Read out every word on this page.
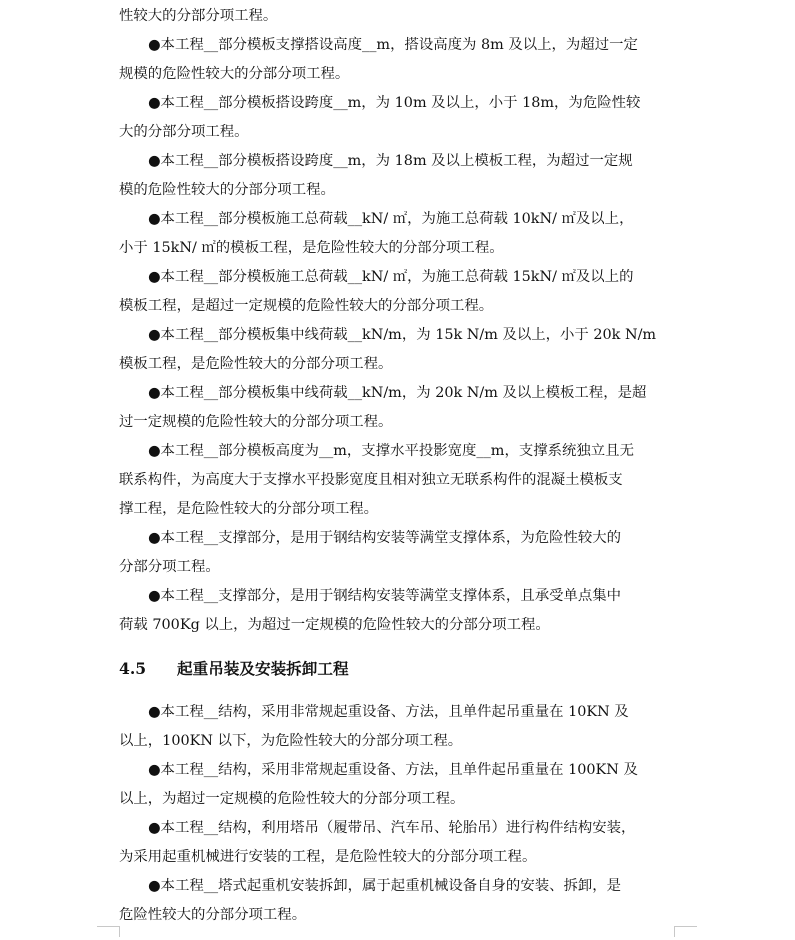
性较大的分部分项工程。
●本工程__部分模板支撑搭设高度__m，搭设高度为 8m 及以上，为超过一定
规模的危险性较大的分部分项工程。
●本工程__部分模板搭设跨度__m，为 10m 及以上，小于 18m，为危险性较
大的分部分项工程。
●本工程__部分模板搭设跨度__m，为 18m 及以上模板工程，为超过一定规
模的危险性较大的分部分项工程。
●本工程__部分模板施工总荷载__kN/ ㎡，为施工总荷载 10kN/ ㎡及以上，
小于 15kN/ ㎡的模板工程，是危险性较大的分部分项工程。
●本工程__部分模板施工总荷载__kN/ ㎡，为施工总荷载 15kN/ ㎡及以上的
模板工程，是超过一定规模的危险性较大的分部分项工程。
●本工程__部分模板集中线荷载__kN/m，为 15k N/m 及以上，小于 20k N/m
模板工程，是危险性较大的分部分项工程。
●本工程__部分模板集中线荷载__kN/m，为 20k N/m 及以上模板工程，是超
过一定规模的危险性较大的分部分项工程。
●本工程__部分模板高度为__m，支撑水平投影宽度__m，支撑系统独立且无
联系构件，为高度大于支撑水平投影宽度且相对独立无联系构件的混凝土模板支
撑工程，是危险性较大的分部分项工程。
●本工程__支撑部分，是用于钢结构安装等满堂支撑体系，为危险性较大的
分部分项工程。
●本工程__支撑部分，是用于钢结构安装等满堂支撑体系，且承受单点集中
荷载 700Kg 以上，为超过一定规模的危险性较大的分部分项工程。
4.5 起重吊装及安装拆卸工程
●本工程__结构，采用非常规起重设备、方法，且单件起吊重量在 10KN 及
以上，100KN 以下，为危险性较大的分部分项工程。
●本工程__结构，采用非常规起重设备、方法，且单件起吊重量在 100KN 及
以上，为超过一定规模的危险性较大的分部分项工程。
●本工程__结构，利用塔吊（履带吊、汽车吊、轮胎吊）进行构件结构安装，
为采用起重机械进行安装的工程，是危险性较大的分部分项工程。
●本工程__塔式起重机安装拆卸，属于起重机械设备自身的安装、拆卸，是
危险性较大的分部分项工程。
